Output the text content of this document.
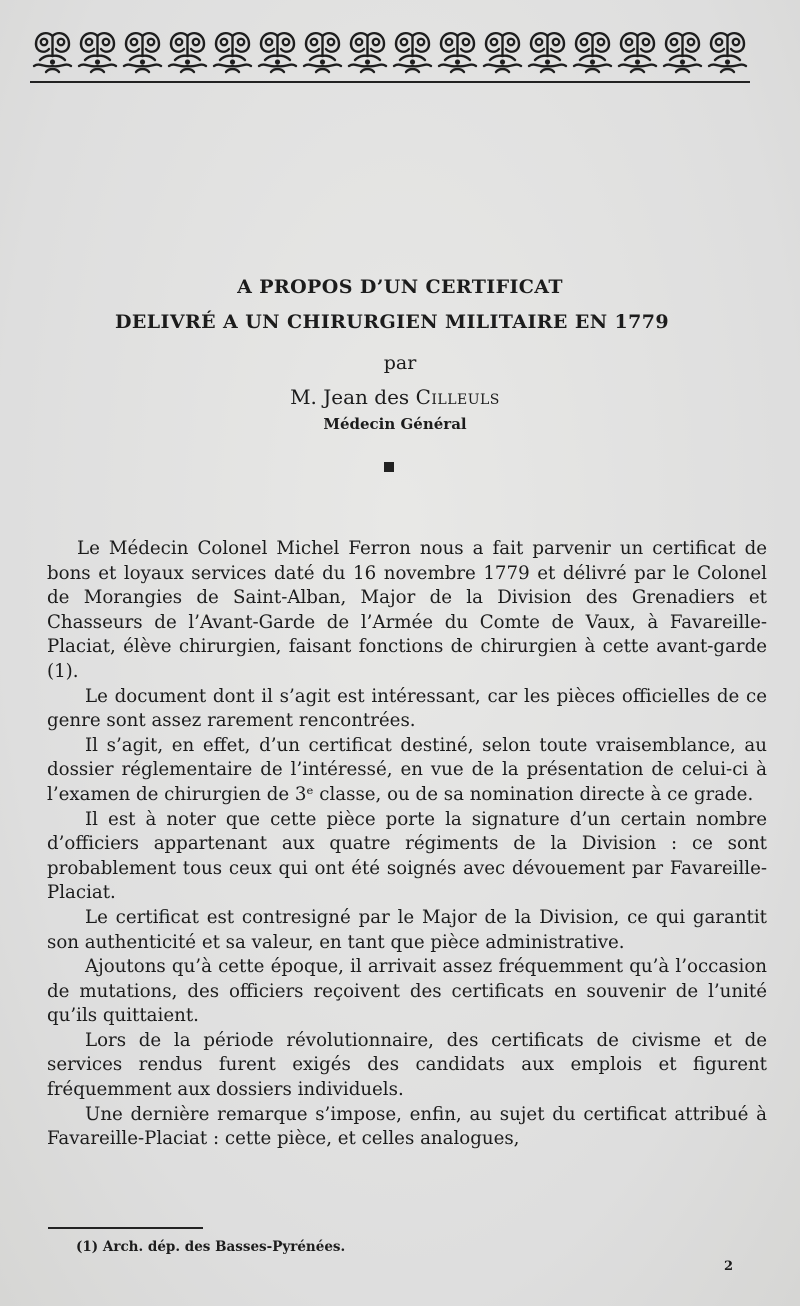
A PROPOS D’UN CERTIFICAT
DELIVRÉ A UN CHIRURGIEN MILITAIRE EN 1779
par
M. Jean des Cilleuls
Médecin Général

Le Médecin Colonel Michel Ferron nous a fait parvenir un certificat de bons et loyaux services daté du 16 novembre 1779 et délivré par le Colonel de Morangies de Saint-Alban, Major de la Division des Grenadiers et Chasseurs de l’Avant-Garde de l’Armée du Comte de Vaux, à Favareille-Placiat, élève chirurgien, faisant fonctions de chirurgien à cette avant-garde (1).

Le document dont il s’agit est intéressant, car les pièces officielles de ce genre sont assez rarement rencontrées.

Il s’agit, en effet, d’un certificat destiné, selon toute vraisemblance, au dossier réglementaire de l’intéressé, en vue de la présentation de celui-ci à l’examen de chirurgien de 3ᵉ classe, ou de sa nomination directe à ce grade.

Il est à noter que cette pièce porte la signature d’un certain nombre d’officiers appartenant aux quatre régiments de la Division : ce sont probablement tous ceux qui ont été soignés avec dévouement par Favareille-Placiat.

Le certificat est contresigné par le Major de la Division, ce qui garantit son authenticité et sa valeur, en tant que pièce administrative.

Ajoutons qu’à cette époque, il arrivait assez fréquemment qu’à l’occasion de mutations, des officiers reçoivent des certificats en souvenir de l’unité qu’ils quittaient.

Lors de la période révolutionnaire, des certificats de civisme et de services rendus furent exigés des candidats aux emplois et figurent fréquemment aux dossiers individuels.

Une dernière remarque s’impose, enfin, au sujet du certificat attribué à Favareille-Placiat : cette pièce, et celles analogues,

(1) Arch. dép. des Basses-Pyrénées.
2
